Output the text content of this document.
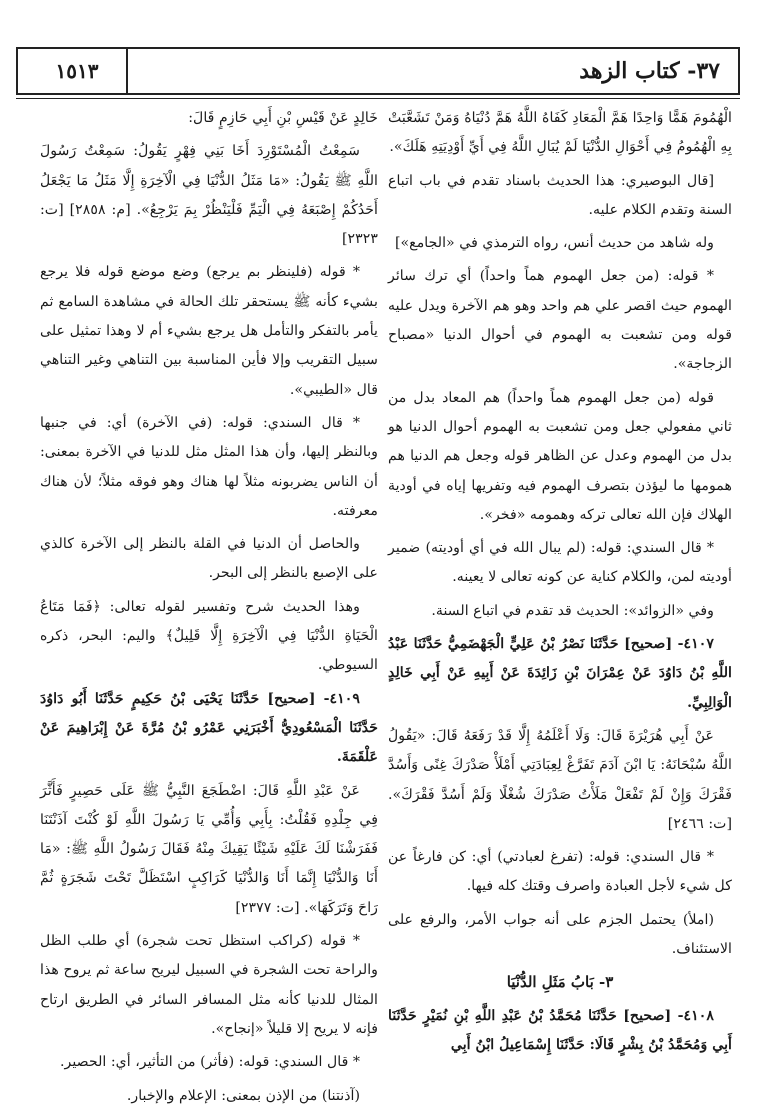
١٥١٣	٣٧- كتاب الزهد

الْهُمُومَ هَمًّا وَاحِدًا هَمَّ الْمَعَادِ كَفَاهُ اللَّهُ هَمَّ دُنْيَاهُ وَمَنْ تَشَعَّبَتْ بِهِ الْهُمُومُ فِي أَحْوَالِ الدُّنْيَا لَمْ يُبَالِ اللَّهُ فِي أَيِّ أَوْدِيَتِهِ هَلَكَ».

[قال البوصيري: هذا الحديث باسناد تقدم في باب اتباع السنة وتقدم الكلام عليه.

وله شاهد من حديث أنس، رواه الترمذي في «الجامع»]

* قوله: (من جعل الهموم هماً واحداً) أي ترك سائر الهموم حيث اقصر علي هم واحد وهو هم الآخرة ويدل عليه قوله ومن تشعبت به الهموم في أحوال الدنيا «مصباح الزجاجة».

قوله (من جعل الهموم هماً واحداً) هم المعاد بدل من ثاني مفعولي جعل ومن تشعبت به الهموم أحوال الدنيا هو بدل من الهموم وعدل عن الظاهر قوله وجعل هم الدنيا هم همومها ما ليؤذن بتصرف الهموم فيه وتفريها إياه في أودية الهلاك فإن الله تعالى تركه وهمومه «فخر».

* قال السندي: قوله: (لم يبال الله في أي أوديته) ضمير أوديته لمن، والكلام كناية عن كونه تعالى لا يعينه.

وفي «الزوائد»: الحديث قد تقدم في اتباع السنة.

٤١٠٧- [صحيح] حَدَّثَنَا نَصْرُ بْنُ عَلِيٍّ الْجَهْضَمِيُّ حَدَّثَنَا عَبْدُ اللَّهِ بْنُ دَاوُدَ عَنْ عِمْرَانَ بْنِ زَائِدَةَ عَنْ أَبِيهِ عَنْ أَبِي خَالِدٍ الْوَالِبِيِّ.

عَنْ أَبِي هُرَيْرَةَ قَالَ: وَلَا أَعْلَمُهُ إِلَّا قَدْ رَفَعَهُ قَالَ: «يَقُولُ اللَّهُ سُبْحَانَهُ: يَا ابْنَ آدَمَ تَفَرَّغْ لِعِبَادَتِي أَمْلَأْ صَدْرَكَ غِنًى وَأَسُدَّ فَقْرَكَ وَإِنْ لَمْ تَفْعَلْ مَلَأْتُ صَدْرَكَ شُغْلًا وَلَمْ أَسُدَّ فَقْرَكَ». [ت: ٢٤٦٦]

* قال السندي: قوله: (تفرغ لعبادتي) أي: كن فارغاً عن كل شيء لأجل العبادة واصرف وقتك كله فيها.

(املأ) يحتمل الجزم على أنه جواب الأمر، والرفع على الاستئناف.

٣- بَابُ مَثَلِ الدُّنْيَا

٤١٠٨- [صحيح] حَدَّثَنَا مُحَمَّدُ بْنُ عَبْدِ اللَّهِ بْنِ نُمَيْرٍ حَدَّثَنَا أَبِي وَمُحَمَّدُ بْنُ بِشْرٍ قَالَا: حَدَّثَنَا إِسْمَاعِيلُ ابْنُ أَبِي

خَالِدٍ عَنْ قَيْسِ بْنِ أَبِي حَازِمٍ قَالَ:

سَمِعْتُ الْمُسْتَوْرِدَ أَخَا بَنِي فِهْرٍ يَقُولُ: سَمِعْتُ رَسُولَ اللَّهِ ﷺ يَقُولُ: «مَا مَثَلُ الدُّنْيَا فِي الْآخِرَةِ إِلَّا مَثَلُ مَا يَجْعَلُ أَحَدُكُمْ إِصْبَعَهُ فِي الْيَمِّ فَلْيَنْظُرْ بِمَ يَرْجِعُ». [م: ٢٨٥٨] [ت: ٢٣٢٣]

* قوله (فلينظر بم يرجع) وضع موضع قوله فلا يرجع بشيء كأنه ﷺ يستحقر تلك الحالة في مشاهدة السامع ثم يأمر بالتفكر والتأمل هل يرجع بشيء أم لا وهذا تمثيل على سبيل التقريب وإلا فأين المناسبة بين التناهي وغير التناهي قال «الطيبي».

* قال السندي: قوله: (في الآخرة) أي: في جنبها وبالنظر إليها، وأن هذا المثل مثل للدنيا في الآخرة بمعنى: أن الناس يضربونه مثلاً لها هناك وهو فوقه مثلاً؛ لأن هناك معرفته.

والحاصل أن الدنيا في القلة بالنظر إلى الآخرة كالذي على الإصبع بالنظر إلى البحر.

وهذا الحديث شرح وتفسير لقوله تعالى: ﴿فَمَا مَتَاعُ الْحَيَاةِ الدُّنْيَا فِي الْآخِرَةِ إِلَّا قَلِيلٌ﴾ واليم: البحر، ذكره السيوطي.

٤١٠٩- [صحيح] حَدَّثَنَا يَحْيَى بْنُ حَكِيمٍ حَدَّثَنَا أَبُو دَاوُدَ حَدَّثَنَا الْمَسْعُودِيُّ أَخْبَرَنِي عَمْرُو بْنُ مُرَّةَ عَنْ إِبْرَاهِيمَ عَنْ عَلْقَمَةَ.

عَنْ عَبْدِ اللَّهِ قَالَ: اضْطَجَعَ النَّبِيُّ ﷺ عَلَى حَصِيرٍ فَأَثَّرَ فِي جِلْدِهِ فَقُلْتُ: بِأَبِي وَأُمِّي يَا رَسُولَ اللَّهِ لَوْ كُنْتَ آذَنْتَنَا فَفَرَشْنَا لَكَ عَلَيْهِ شَيْئًا يَقِيكَ مِنْهُ فَقَالَ رَسُولُ اللَّهِ ﷺ: «مَا أَنَا وَالدُّنْيَا إِنَّمَا أَنَا وَالدُّنْيَا كَرَاكِبٍ اسْتَظَلَّ تَحْتَ شَجَرَةٍ ثُمَّ رَاحَ وَتَرَكَهَا». [ت: ٢٣٧٧]

* قوله (كراكب استظل تحت شجرة) أي طلب الظل والراحة تحت الشجرة في السبيل ليريح ساعة ثم يروح هذا المثال للدنيا كأنه مثل المسافر السائر في الطريق ارتاح فإنه لا يريح إلا قليلاً «إنجاح».

* قال السندي: قوله: (فأثر) من التأثير، أي: الحصير.

(آذنتنا) من الإذن بمعنى: الإعلام والإخبار.
